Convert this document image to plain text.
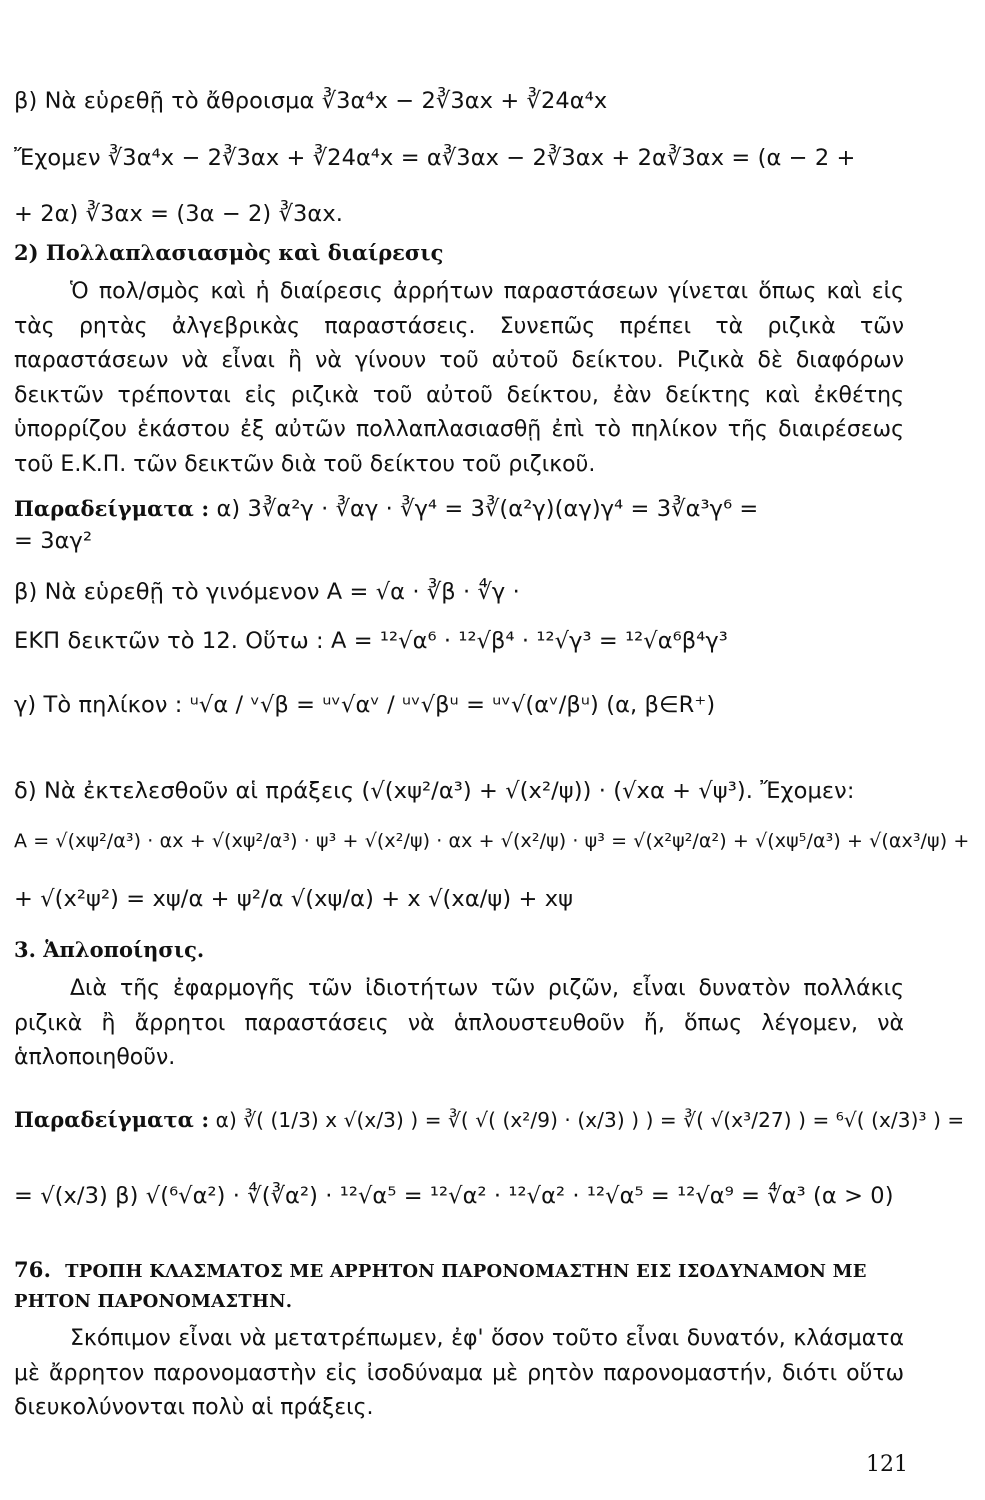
β) Νὰ εὑρεθῇ τὸ ἄθροισμα ∛3α⁴x − 2∛3αx + ∛24α⁴x
Ἔχομεν ∛3α⁴x − 2∛3αx + ∛24α⁴x = α∛3αx − 2∛3αx + 2α∛3αx = (α − 2 +
+ 2α) ∛3αx = (3α − 2) ∛3αx.
2) Πολλαπλασιασμὸς καὶ διαίρεσις

Ὁ πολ/σμὸς καὶ ἡ διαίρεσις ἀρρήτων παραστάσεων γίνεται ὅπως καὶ εἰς τὰς ρητὰς ἀλγεβρικὰς παραστάσεις. Συνεπῶς πρέπει τὰ ριζικὰ τῶν παραστάσεων νὰ εἶναι ἢ νὰ γίνουν τοῦ αὐτοῦ δείκτου. Ριζικὰ δὲ διαφόρων δεικτῶν τρέπονται εἰς ριζικὰ τοῦ αὐτοῦ δείκτου, ἐὰν δείκτης καὶ ἐκθέτης ὑπορρίζου ἑκάστου ἐξ αὐτῶν πολλαπλασιασθῇ ἐπὶ τὸ πηλίκον τῆς διαιρέσεως τοῦ Ε.Κ.Π. τῶν δεικτῶν διὰ τοῦ δείκτου τοῦ ριζικοῦ.

Παραδείγματα : α) 3∛α²γ · ∛αγ · ∛γ⁴ = 3∛(α²γ)(αγ)γ⁴ = 3∛α³γ⁶ =
= 3αγ²
β) Νὰ εὑρεθῇ τὸ γινόμενον Α = √α · ∛β · ∜γ ·
ΕΚΠ δεικτῶν τὸ 12. Οὕτω : Α = ¹²√α⁶ · ¹²√β⁴ · ¹²√γ³ = ¹²√α⁶β⁴γ³
γ) Τὸ πηλίκον : ᵘ√α / ᵛ√β = ᵘᵛ√αᵛ / ᵘᵛ√βᵘ = ᵘᵛ√(αᵛ/βᵘ) (α, β∈R⁺)
δ) Νὰ ἐκτελεσθοῦν αἱ πράξεις (√(xψ²/α³) + √(x²/ψ)) · (√xα + √ψ³). Ἔχομεν:
Α = √(xψ²/α³) · αx + √(xψ²/α³) · ψ³ + √(x²/ψ) · αx + √(x²/ψ) · ψ³ = √(x²ψ²/α²) + √(xψ⁵/α³) + √(αx³/ψ) +
+ √(x²ψ²) = xψ/α + ψ²/α √(xψ/α) + x √(xα/ψ) + xψ
3. Ἁπλοποίησις.

Διὰ τῆς ἐφαρμογῆς τῶν ἰδιοτήτων τῶν ριζῶν, εἶναι δυνατὸν πολλάκις ριζικὰ ἢ ἄρρητοι παραστάσεις νὰ ἁπλουστευθοῦν ἤ, ὅπως λέγομεν, νὰ ἁπλοποιηθοῦν.

Παραδείγματα : α) ∛( (1/3) x √(x/3) ) = ∛( √( (x²/9) · (x/3) ) ) = ∛( √(x³/27) ) = ⁶√( (x/3)³ ) =
= √(x/3) β) √(⁶√α²) · ∜(∛α²) · ¹²√α⁵ = ¹²√α² · ¹²√α² · ¹²√α⁵ = ¹²√α⁹ = ∜α³ (α > 0)
76. ΤΡΟΠΗ ΚΛΑΣΜΑΤΟΣ ΜΕ ΑΡΡΗΤΟΝ ΠΑΡΟΝΟΜΑΣΤΗΝ ΕΙΣ ΙΣΟΔΥΝΑΜΟΝ ΜΕ ΡΗΤΟΝ ΠΑΡΟΝΟΜΑΣΤΗΝ.

Σκόπιμον εἶναι νὰ μετατρέπωμεν, ἐφ' ὅσον τοῦτο εἶναι δυνατόν, κλάσματα μὲ ἄρρητον παρονομαστὴν εἰς ἰσοδύναμα μὲ ρητὸν παρονομαστήν, διότι οὕτω διευκολύνονται πολὺ αἱ πράξεις.

121
